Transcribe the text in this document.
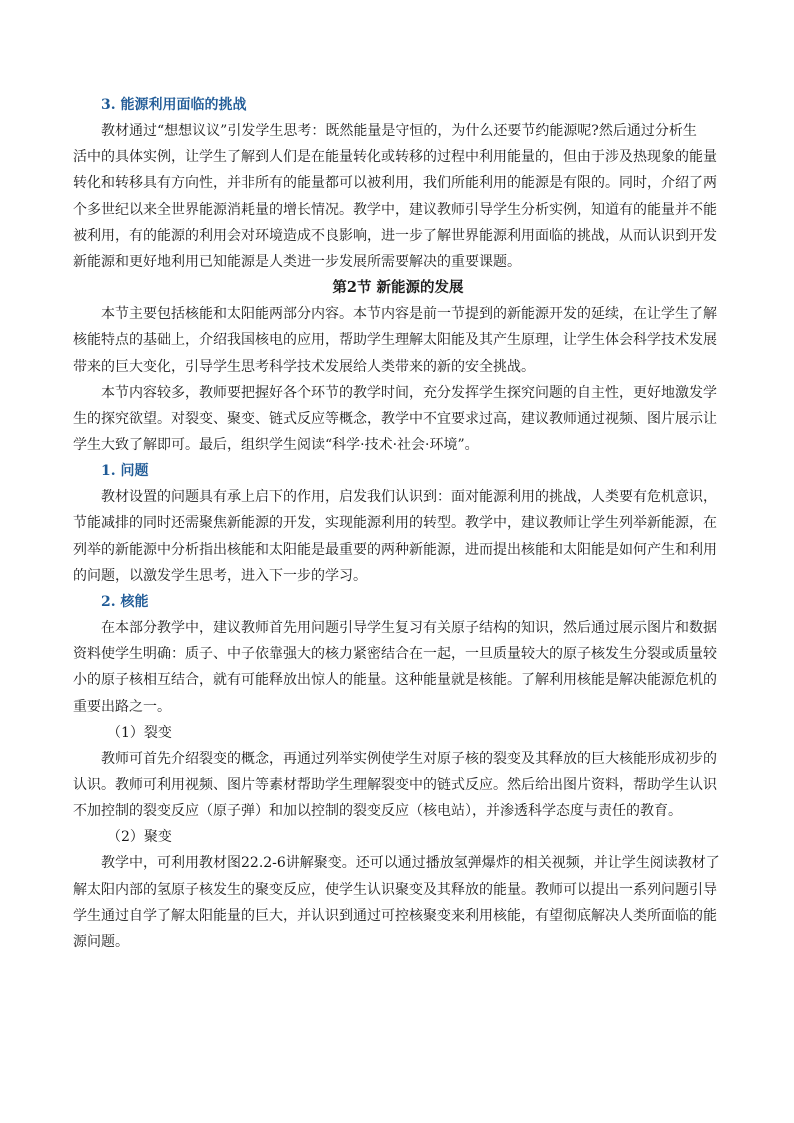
3. 能源利用面临的挑战

教材通过“想想议议”引发学生思考：既然能量是守恒的，为什么还要节约能源呢?然后通过分析生
活中的具体实例，让学生了解到人们是在能量转化或转移的过程中利用能量的，但由于涉及热现象的能量
转化和转移具有方向性，并非所有的能量都可以被利用，我们所能利用的能源是有限的。同时，介绍了两
个多世纪以来全世界能源消耗量的增长情况。教学中，建议教师引导学生分析实例，知道有的能量并不能
被利用，有的能源的利用会对环境造成不良影响，进一步了解世界能源利用面临的挑战，从而认识到开发
新能源和更好地利用已知能源是人类进一步发展所需要解决的重要课题。

第2节 新能源的发展

本节主要包括核能和太阳能两部分内容。本节内容是前一节提到的新能源开发的延续，在让学生了解
核能特点的基础上，介绍我国核电的应用，帮助学生理解太阳能及其产生原理，让学生体会科学技术发展
带来的巨大变化，引导学生思考科学技术发展给人类带来的新的安全挑战。

本节内容较多，教师要把握好各个环节的教学时间，充分发挥学生探究问题的自主性，更好地激发学
生的探究欲望。对裂变、聚变、链式反应等概念，教学中不宜要求过高，建议教师通过视频、图片展示让
学生大致了解即可。最后，组织学生阅读“科学·技术·社会·环境”。

1. 问题

教材设置的问题具有承上启下的作用，启发我们认识到：面对能源利用的挑战，人类要有危机意识，
节能减排的同时还需聚焦新能源的开发，实现能源利用的转型。教学中，建议教师让学生列举新能源，在
列举的新能源中分析指出核能和太阳能是最重要的两种新能源，进而提出核能和太阳能是如何产生和利用
的问题，以激发学生思考，进入下一步的学习。

2. 核能

在本部分教学中，建议教师首先用问题引导学生复习有关原子结构的知识，然后通过展示图片和数据
资料使学生明确：质子、中子依靠强大的核力紧密结合在一起，一旦质量较大的原子核发生分裂或质量较
小的原子核相互结合，就有可能释放出惊人的能量。这种能量就是核能。了解利用核能是解决能源危机的
重要出路之一。

（1）裂变

教师可首先介绍裂变的概念，再通过列举实例使学生对原子核的裂变及其释放的巨大核能形成初步的
认识。教师可利用视频、图片等素材帮助学生理解裂变中的链式反应。然后给出图片资料，帮助学生认识
不加控制的裂变反应（原子弹）和加以控制的裂变反应（核电站），并渗透科学态度与责任的教育。

（2）聚变

教学中，可利用教材图22.2-6讲解聚变。还可以通过播放氢弹爆炸的相关视频，并让学生阅读教材了
解太阳内部的氢原子核发生的聚变反应，使学生认识聚变及其释放的能量。教师可以提出一系列问题引导
学生通过自学了解太阳能量的巨大，并认识到通过可控核聚变来利用核能，有望彻底解决人类所面临的能
源问题。
